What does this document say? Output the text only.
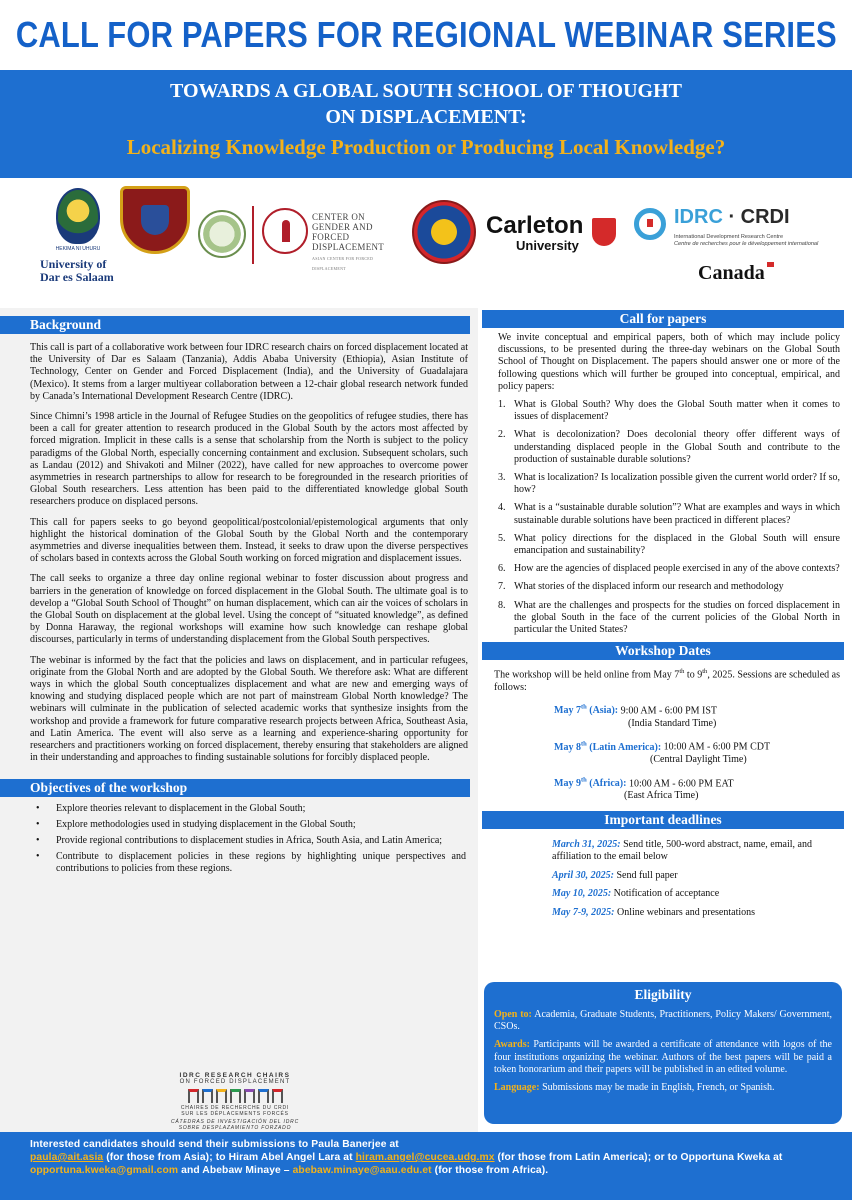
CALL FOR PAPERS FOR REGIONAL WEBINAR SERIES
TOWARDS A GLOBAL SOUTH SCHOOL OF THOUGHT
ON DISPLACEMENT:
Localizing Knowledge Production or Producing Local Knowledge?
HEKIMA NI UHURU
University of
Dar es Salaam
CENTER ON
GENDER AND
FORCED
DISPLACEMENT
ASIAN CENTER FOR FORCED DISPLACEMENT
Carleton
University
IDRC · CRDI
International Development Research Centre
Centre de recherches pour le développement international
Canada
Background

This call is part of a collaborative work between four IDRC research chairs on forced displacement located at the University of Dar es Salaam (Tanzania), Addis Ababa University (Ethiopia), Asian Institute of Technology, Center on Gender and Forced Displacement (India), and the University of Guadalajara (Mexico). It stems from a larger multiyear collaboration between a 12-chair global research network funded by Canada’s International Development Research Centre (IDRC).

Since Chimni’s 1998 article in the Journal of Refugee Studies on the geopolitics of refugee studies, there has been a call for greater attention to research produced in the Global South by the actors most affected by forced migration. Implicit in these calls is a sense that scholarship from the North is subject to the policy paradigms of the Global North, especially concerning containment and exclusion. Subsequent scholars, such as Landau (2012) and Shivakoti and Milner (2022), have called for new approaches to overcome power asymmetries in research partnerships to allow for research to be foregrounded in the research priorities of Global South researchers. Less attention has been paid to the differentiated knowledge global South researchers produce on displaced persons.

This call for papers seeks to go beyond geopolitical/postcolonial/epistemological arguments that only highlight the historical domination of the Global South by the Global North and the contemporary asymmetries and diverse inequalities between them. Instead, it seeks to draw upon the diverse perspectives of scholars based in contexts across the Global South working on forced migration and displacement issues.

The call seeks to organize a three day online regional webinar to foster discussion about progress and barriers in the generation of knowledge on forced displacement in the Global South. The ultimate goal is to develop a “Global South School of Thought” on human displacement, which can air the voices of scholars in the Global South on displacement at the global level. Using the concept of “situated knowledge”, as defined by Donna Haraway, the regional workshops will examine how such knowledge can reshape global discourses, particularly in terms of understanding displacement from the Global South perspectives.

The webinar is informed by the fact that the policies and laws on displacement, and in particular refugees, originate from the Global North and are adopted by the Global South. We therefore ask: What are different ways in which the global South conceptualizes displacement and what are new and emerging ways of knowing and studying displaced people which are not part of mainstream Global North knowledge? The webinars will culminate in the publication of selected academic works that synthesize insights from the workshop and provide a framework for future comparative research projects between Africa, Southeast Asia, and Latin America. The event will also serve as a learning and experience-sharing opportunity for researchers and practitioners working on forced displacement, thereby ensuring that stakeholders are aligned in their understanding and approaches to finding sustainable solutions for forcibly displaced people.

Objectives of the workshop
• Explore theories relevant to displacement in the Global South;
• Explore methodologies used in studying displacement in the Global South;
• Provide regional contributions to displacement studies in Africa, South Asia, and Latin America;
• Contribute to displacement policies in these regions by highlighting unique perspectives and contributions to policies from these regions.
IDRC RESEARCH CHAIRS
ON FORCED DISPLACEMENT
CHAIRES DE RECHERCHE DU CRDI
SUR LES DÉPLACEMENTS FORCÉS
CÁTEDRAS DE INVESTIGACIÓN DEL IDRC
SOBRE DESPLAZAMIENTO FORZADO
Call for papers

We invite conceptual and empirical papers, both of which may include policy discussions, to be presented during the three-day webinars on the Global South School of Thought on Displacement. The papers should answer one or more of the following questions which will further be grouped into conceptual, empirical, and policy papers:

1. What is Global South? Why does the Global South matter when it comes to issues of displacement?
2. What is decolonization? Does decolonial theory offer different ways of understanding displaced people in the Global South and contribute to the production of sustainable durable solutions?
3. What is localization? Is localization possible given the current world order? If so, how?
4. What is a “sustainable durable solution”? What are examples and ways in which sustainable durable solutions have been practiced in different places?
5. What policy directions for the displaced in the Global South will ensure emancipation and sustainability?
6. How are the agencies of displaced people exercised in any of the above contexts?
7. What stories of the displaced inform our research and methodology
8. What are the challenges and prospects for the studies on forced displacement in the global South in the face of the current policies of the Global North in particular the United States?
Workshop Dates

The workshop will be held online from May 7th to 9th, 2025. Sessions are scheduled as follows:

May 7th (Asia): 9:00 AM - 6:00 PM IST
(India Standard Time)
May 8th (Latin America): 10:00 AM - 6:00 PM CDT
(Central Daylight Time)
May 9th (Africa): 10:00 AM - 6:00 PM EAT
(East Africa Time)
Important deadlines
March 31, 2025: Send title, 500-word abstract, name, email, and affiliation to the email below
April 30, 2025: Send full paper
May 10, 2025: Notification of acceptance
May 7-9, 2025: Online webinars and presentations
Eligibility

Open to: Academia, Graduate Students, Practitioners, Policy Makers/ Government, CSOs.

Awards: Participants will be awarded a certificate of attendance with logos of the four institutions organizing the webinar. Authors of the best papers will be paid a token honorarium and their papers will be published in an edited volume.

Language: Submissions may be made in English, French, or Spanish.

Interested candidates should send their submissions to Paula Banerjee at
paula@ait.asia (for those from Asia); to Hiram Abel Angel Lara at hiram.angel@cucea.udg.mx (for those from Latin America); or to Opportuna Kweka at opportuna.kweka@gmail.com and Abebaw Minaye – abebaw.minaye@aau.edu.et (for those from Africa).
